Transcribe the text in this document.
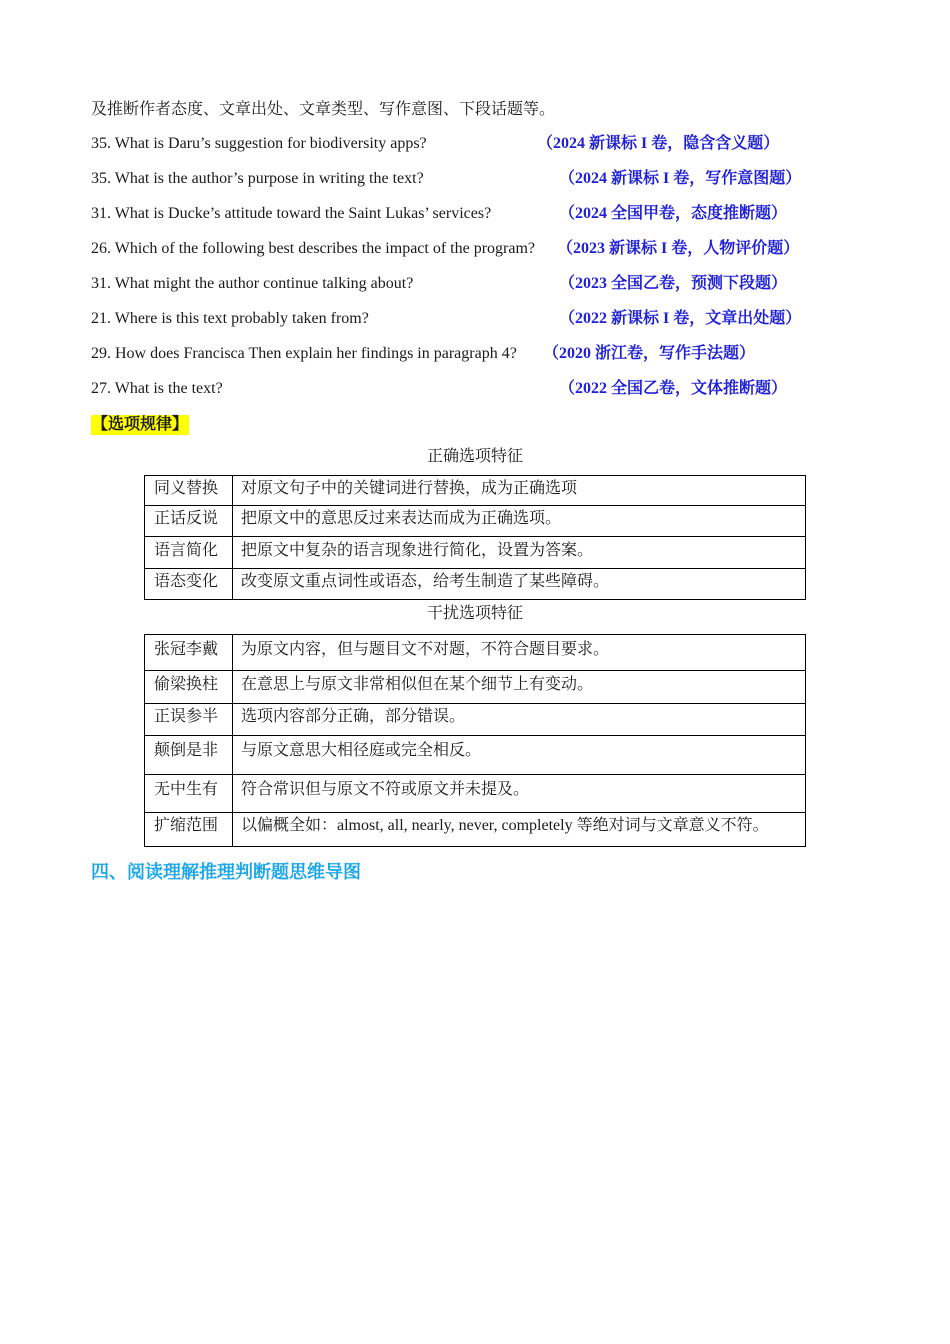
及推断作者态度、文章出处、文章类型、写作意图、下段话题等。
35. What is Daru’s suggestion for biodiversity apps?	（2024 新课标 I 卷，隐含含义题）
35. What is the author’s purpose in writing the text?	（2024 新课标 I 卷，写作意图题）
31. What is Ducke’s attitude toward the Saint Lukas’ services?	（2024 全国甲卷，态度推断题）
26. Which of the following best describes the impact of the program? （2023 新课标 I 卷，人物评价题）
31. What might the author continue talking about?	（2023 全国乙卷，预测下段题）
21. Where is this text probably taken from?	（2022 新课标 I 卷，文章出处题）
29. How does Francisca Then explain her findings in paragraph 4? （2020 浙江卷，写作手法题）
27. What is the text?	（2022 全国乙卷，文体推断题）
【选项规律】
正确选项特征
同义替换	对原文句子中的关键词进行替换，成为正确选项
正话反说	把原文中的意思反过来表达而成为正确选项。
语言简化	把原文中复杂的语言现象进行简化，设置为答案。
语态变化	改变原文重点词性或语态，给考生制造了某些障碍。
干扰选项特征
张冠李戴	为原文内容，但与题目文不对题，不符合题目要求。
偷梁换柱	在意思上与原文非常相似但在某个细节上有变动。
正误参半	选项内容部分正确，部分错误。
颠倒是非	与原文意思大相径庭或完全相反。
无中生有	符合常识但与原文不符或原文并未提及。
扩缩范围	以偏概全如：almost, all, nearly, never, completely 等绝对词与文章意义不符。
四、阅读理解推理判断题思维导图
